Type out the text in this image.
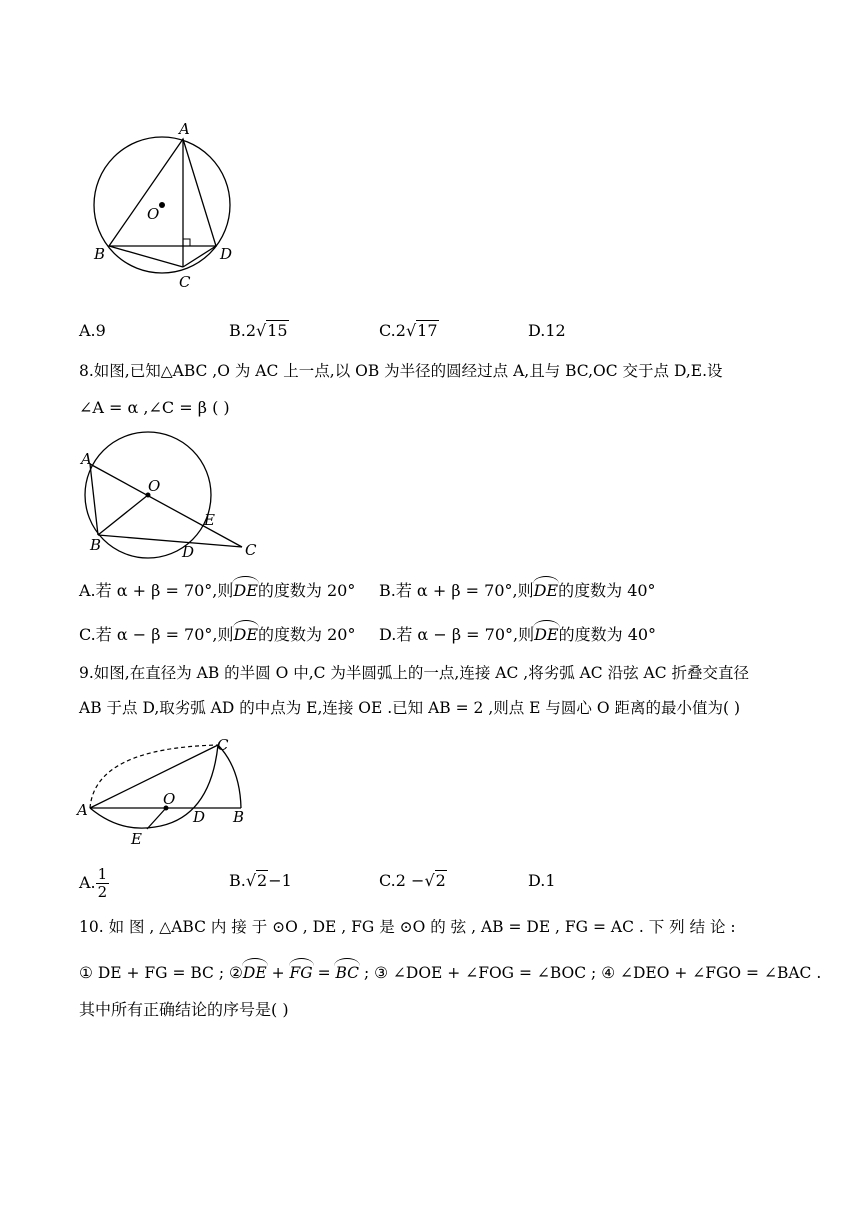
A
O
B	D
C
A.9	B.2√15	C.2√17	D.12
8.如图,已知△ABC ,O 为 AC 上一点,以 OB 为半径的圆经过点 A,且与 BC,OC 交于点 D,E.设
∠A = α ,∠C = β ( )
A
O
E
B	D	C
A.若 α + β = 70°,则DE的度数为 20° B.若 α + β = 70°,则DE的度数为 40°
C.若 α − β = 70°,则DE的度数为 20° D.若 α − β = 70°,则DE的度数为 40°
9.如图,在直径为 AB 的半圆 O 中,C 为半圆弧上的一点,连接 AC ,将劣弧 AC 沿弦 AC 折叠交直径
AB 于点 D,取劣弧 AD 的中点为 E,连接 OE .已知 AB = 2 ,则点 E 与圆心 O 距离的最小值为( )
C
O
A	D B
E
A. $\frac{1}{2}$	B.√2−1	C.2 −√2	D.1
10. 如 图 , △ABC 内 接 于 ⊙O , DE , FG 是 ⊙O 的 弦 , AB = DE , FG = AC . 下 列 结 论 :
① DE + FG = BC ; ②DE + FG = BC ; ③ ∠DOE + ∠FOG = ∠BOC ; ④ ∠DEO + ∠FGO = ∠BAC .
其中所有正确结论的序号是( )
